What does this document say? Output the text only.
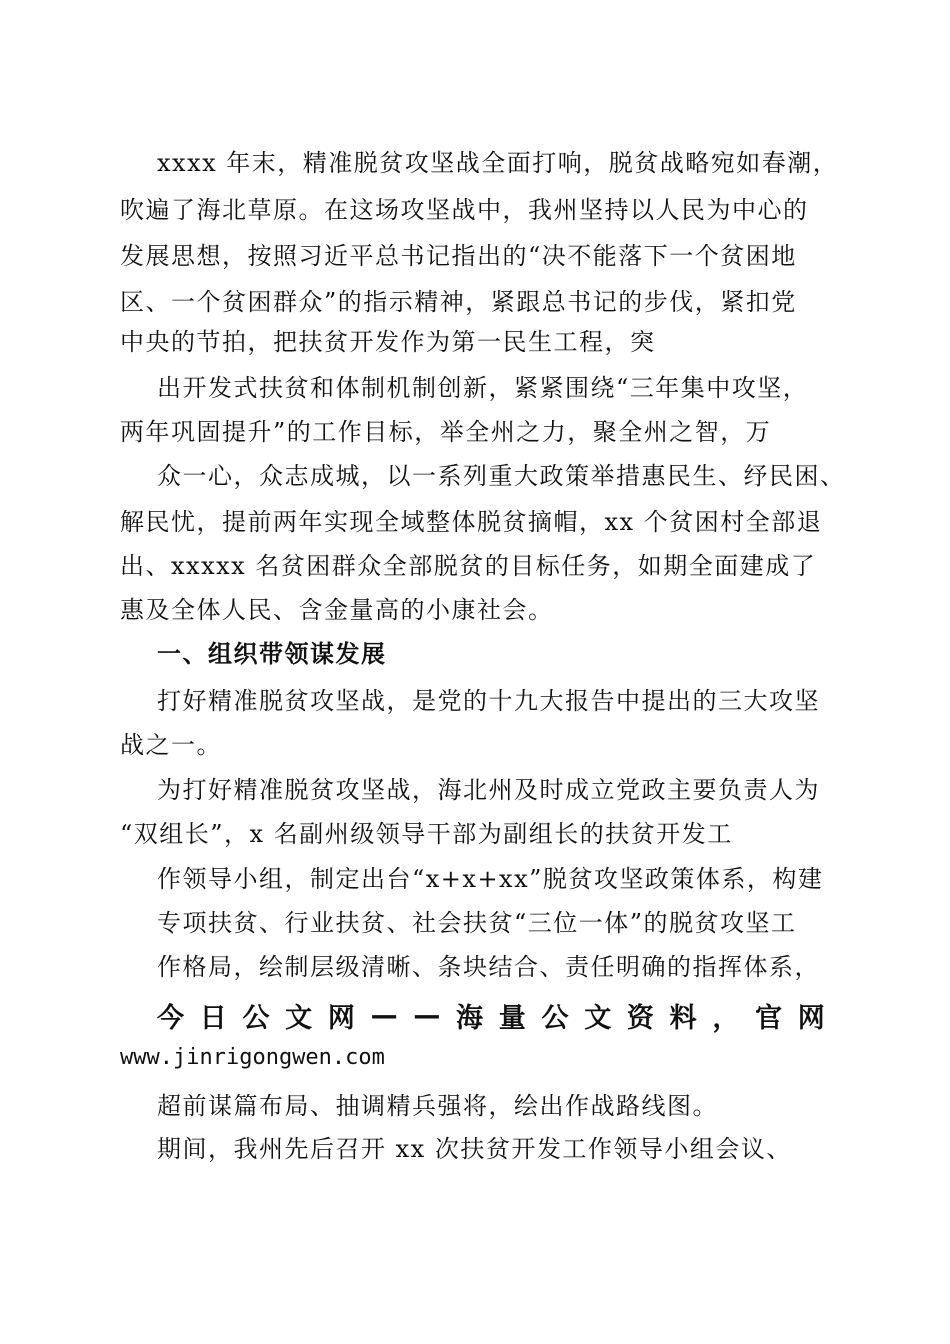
xxxx 年末，精准脱贫攻坚战全面打响，脱贫战略宛如春潮，
吹遍了海北草原。在这场攻坚战中，我州坚持以人民为中心的
发展思想，按照习近平总书记指出的“决不能落下一个贫困地
区、一个贫困群众”的指示精神，紧跟总书记的步伐，紧扣党
中央的节拍，把扶贫开发作为第一民生工程，突
出开发式扶贫和体制机制创新，紧紧围绕“三年集中攻坚，
两年巩固提升”的工作目标，举全州之力，聚全州之智，万
众一心，众志成城，以一系列重大政策举措惠民生、纾民困、
解民忧，提前两年实现全域整体脱贫摘帽，xx 个贫困村全部退
出、xxxxx 名贫困群众全部脱贫的目标任务，如期全面建成了
惠及全体人民、含金量高的小康社会。
一、组织带领谋发展
打好精准脱贫攻坚战，是党的十九大报告中提出的三大攻坚
战之一。
为打好精准脱贫攻坚战，海北州及时成立党政主要负责人为
“双组长”，x 名副州级领导干部为副组长的扶贫开发工
作领导小组，制定出台“x+x+xx”脱贫攻坚政策体系，构建
专项扶贫、行业扶贫、社会扶贫“三位一体”的脱贫攻坚工
作格局，绘制层级清晰、条块结合、责任明确的指挥体系，
今 日 公 文 网 — — 海 量 公 文 资 料 ， 官 网
www.jinrigongwen.com
超前谋篇布局、抽调精兵强将，绘出作战路线图。
期间，我州先后召开 xx 次扶贫开发工作领导小组会议、
